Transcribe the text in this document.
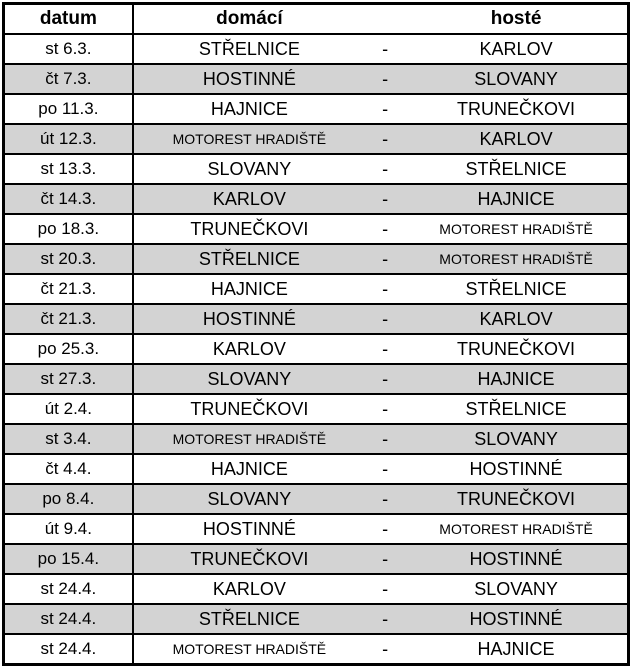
datum	domácí		hosté
st 6.3.	STŘELNICE	-	KARLOV
čt 7.3.	HOSTINNÉ	-	SLOVANY
po 11.3.	HAJNICE	-	TRUNEČKOVI
út 12.3.	MOTOREST HRADIŠTĚ	-	KARLOV
st 13.3.	SLOVANY	-	STŘELNICE
čt 14.3.	KARLOV	-	HAJNICE
po 18.3.	TRUNEČKOVI	-	MOTOREST HRADIŠTĚ
st 20.3.	STŘELNICE	-	MOTOREST HRADIŠTĚ
čt 21.3.	HAJNICE	-	STŘELNICE
čt 21.3.	HOSTINNÉ	-	KARLOV
po 25.3.	KARLOV	-	TRUNEČKOVI
st 27.3.	SLOVANY	-	HAJNICE
út 2.4.	TRUNEČKOVI	-	STŘELNICE
st 3.4.	MOTOREST HRADIŠTĚ	-	SLOVANY
čt 4.4.	HAJNICE	-	HOSTINNÉ
po 8.4.	SLOVANY	-	TRUNEČKOVI
út 9.4.	HOSTINNÉ	-	MOTOREST HRADIŠTĚ
po 15.4.	TRUNEČKOVI	-	HOSTINNÉ
st 24.4.	KARLOV	-	SLOVANY
st 24.4.	STŘELNICE	-	HOSTINNÉ
st 24.4.	MOTOREST HRADIŠTĚ	-	HAJNICE
